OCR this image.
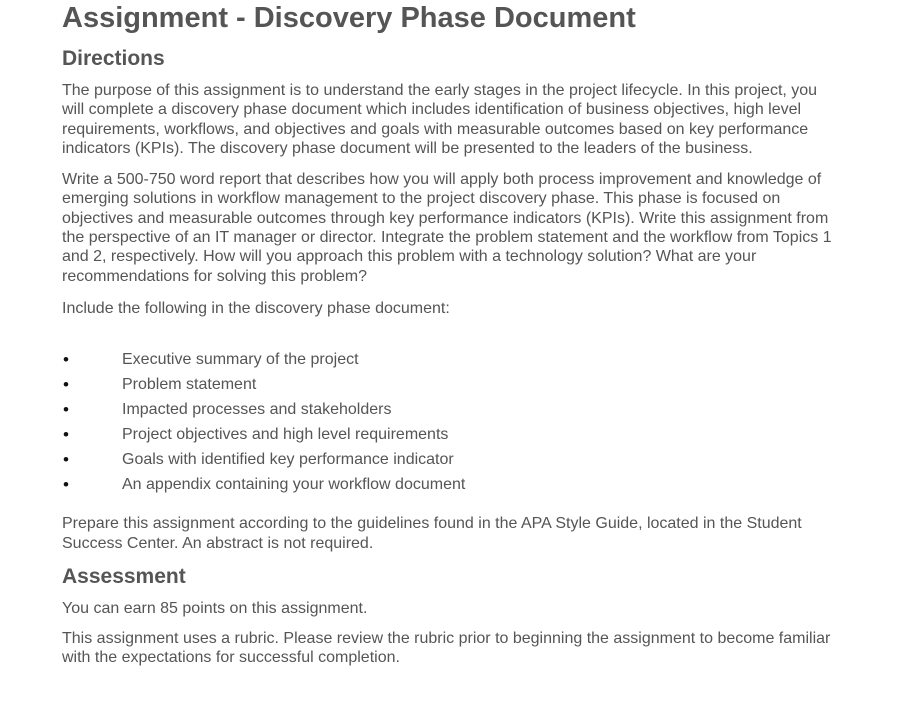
Assignment - Discovery Phase Document
Directions

The purpose of this assignment is to understand the early stages in the project lifecycle. In this project, you will complete a discovery phase document which includes identification of business objectives, high level requirements, workflows, and objectives and goals with measurable outcomes based on key performance indicators (KPIs). The discovery phase document will be presented to the leaders of the business.

Write a 500-750 word report that describes how you will apply both process improvement and knowledge of emerging solutions in workflow management to the project discovery phase. This phase is focused on objectives and measurable outcomes through key performance indicators (KPIs). Write this assignment from the perspective of an IT manager or director. Integrate the problem statement and the workflow from Topics 1 and 2, respectively. How will you approach this problem with a technology solution? What are your recommendations for solving this problem?

Include the following in the discovery phase document:

•	Executive summary of the project
•	Problem statement
•	Impacted processes and stakeholders
•	Project objectives and high level requirements
•	Goals with identified key performance indicator
•	An appendix containing your workflow document

Prepare this assignment according to the guidelines found in the APA Style Guide, located in the Student Success Center. An abstract is not required.

Assessment

You can earn 85 points on this assignment.

This assignment uses a rubric. Please review the rubric prior to beginning the assignment to become familiar with the expectations for successful completion.
